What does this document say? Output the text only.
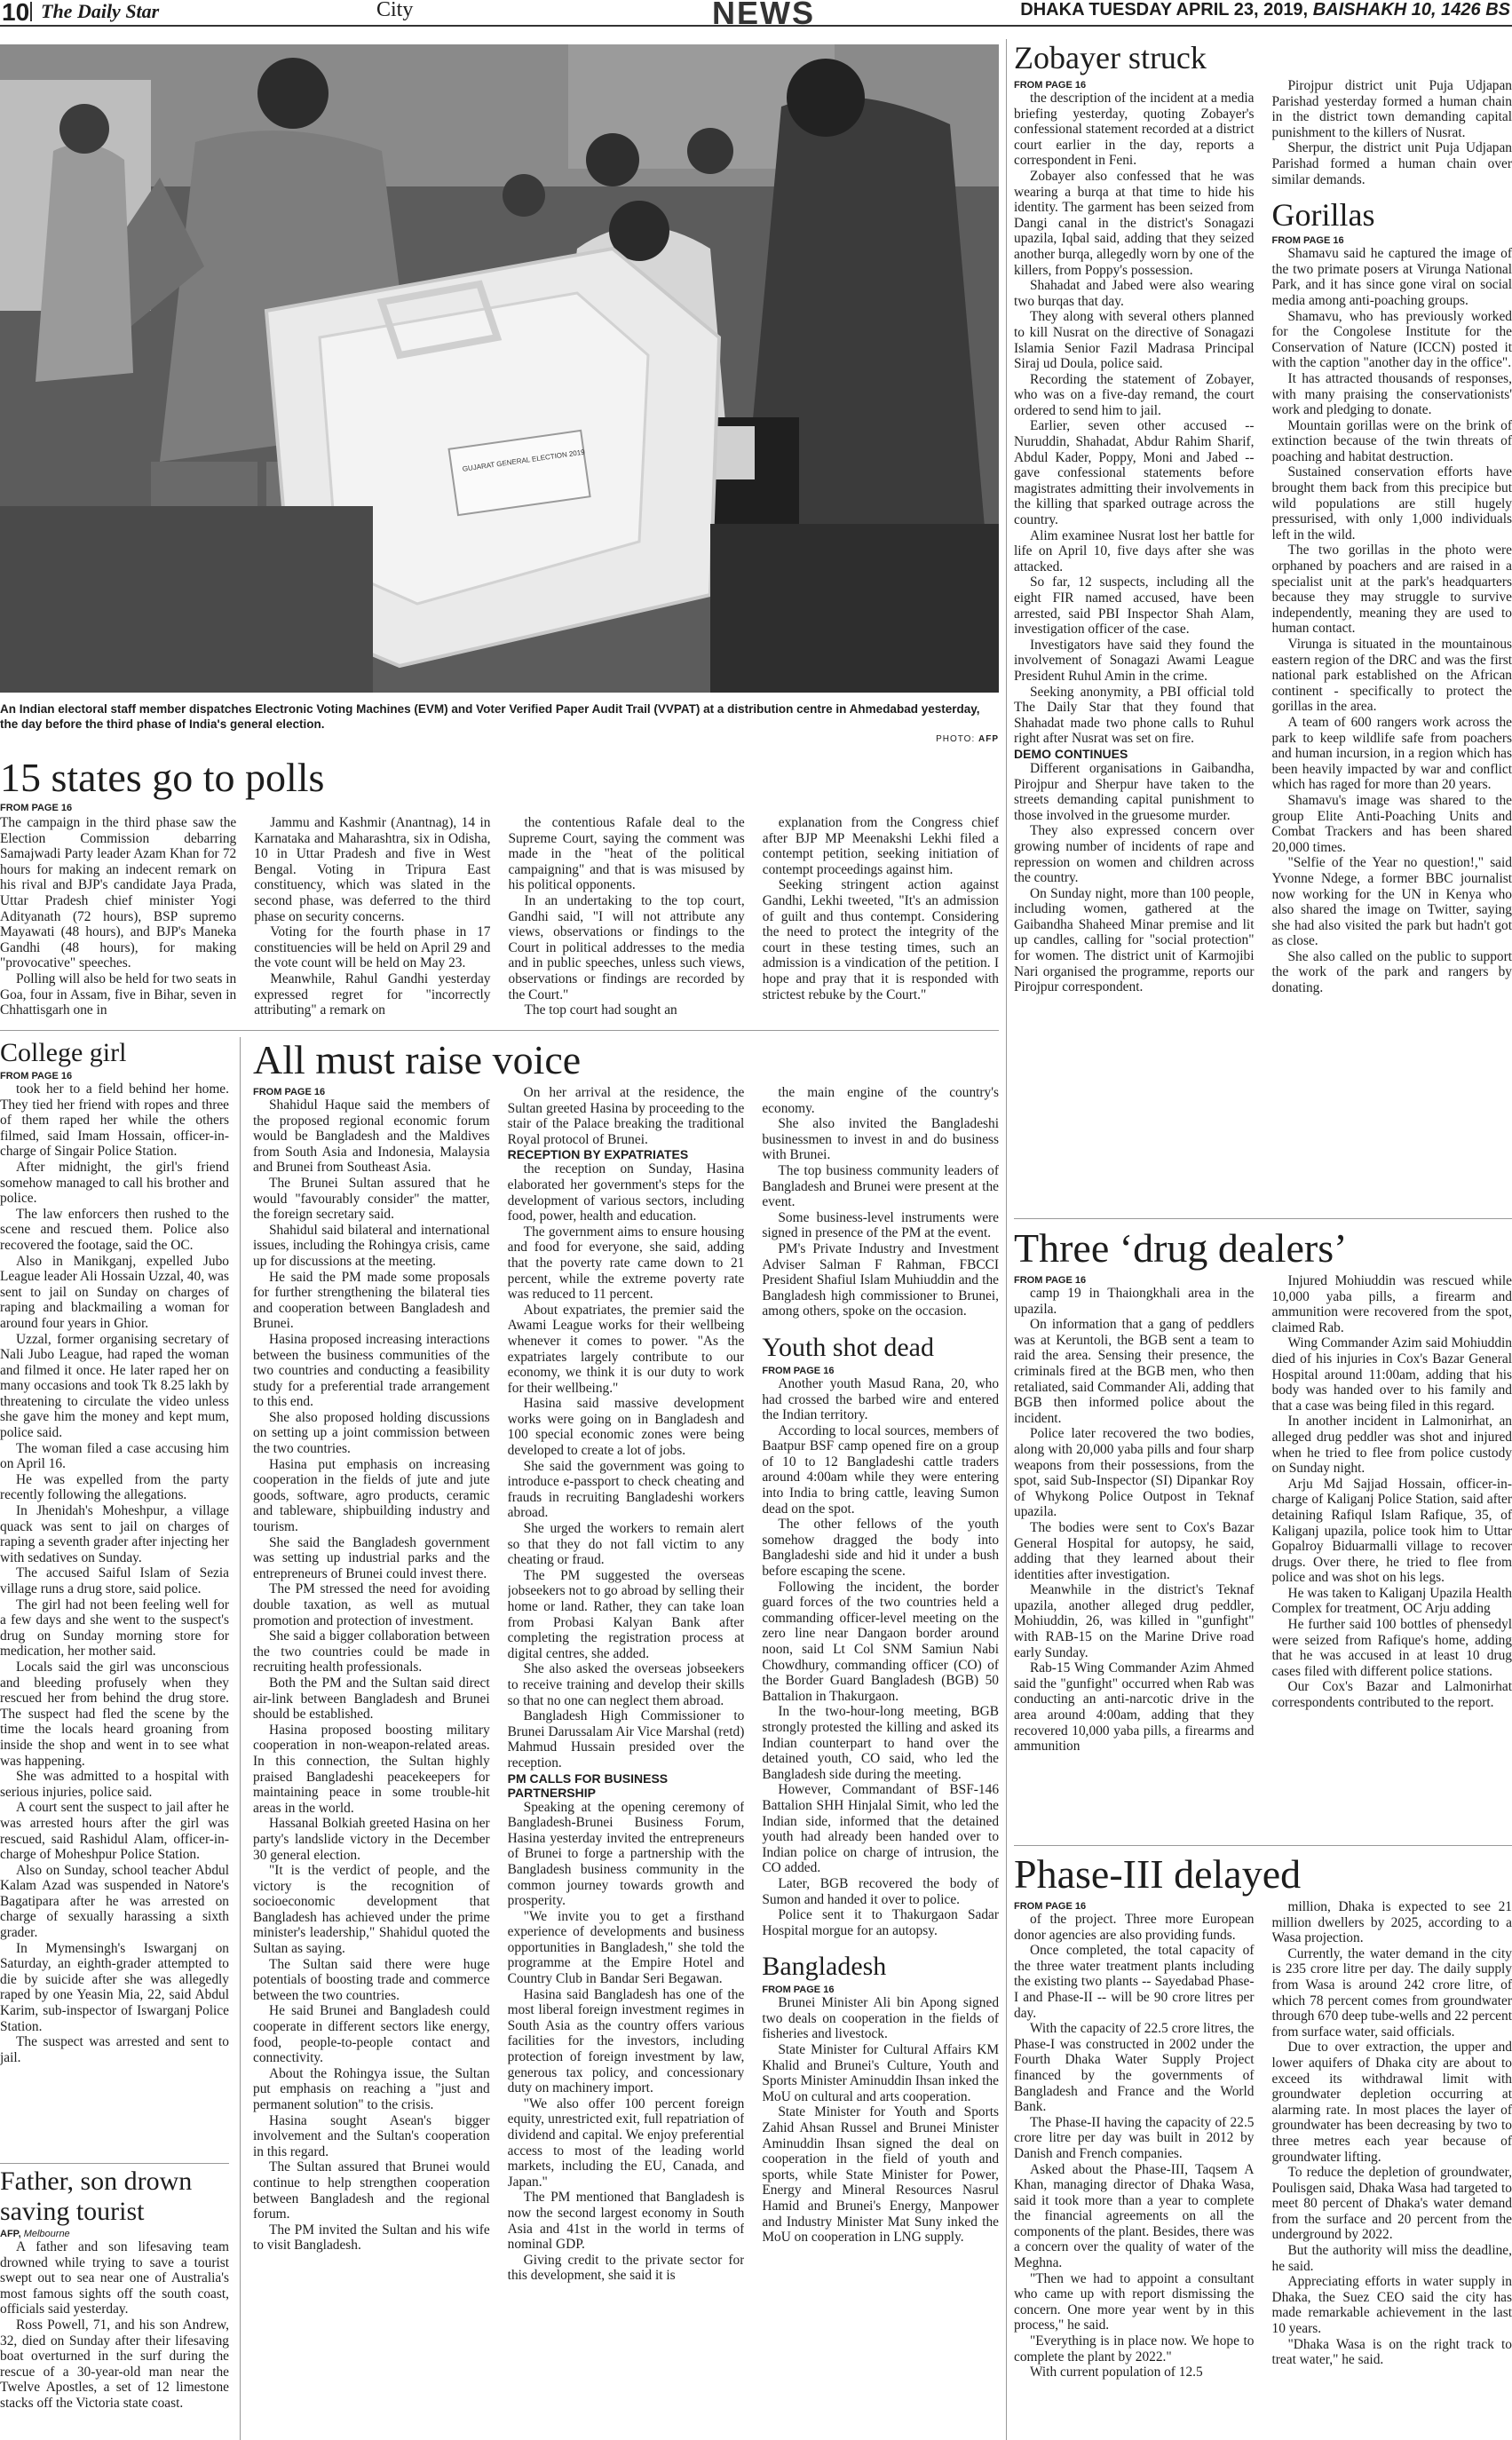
10 The Daily Star	City	NEWS	DHAKA TUESDAY APRIL 23, 2019, BAISHAKH 10, 1426 BS
GUJARAT GENERAL ELECTION 2019
An Indian electoral staff member dispatches Electronic Voting Machines (EVM) and Voter Verified Paper Audit Trail (VVPAT) at a distribution centre in Ahmedabad yesterday, the day before the third phase of India's general election.
PHOTO: AFP
15 states go to polls
FROM PAGE 16

The campaign in the third phase saw the Election Commission debarring Samajwadi Party leader Azam Khan for 72 hours for making an indecent remark on his rival and BJP's candidate Jaya Prada, Uttar Pradesh chief minister Yogi Adityanath (72 hours), BSP supremo Mayawati (48 hours), and BJP's Maneka Gandhi (48 hours), for making "provocative" speeches.

Polling will also be held for two seats in Goa, four in Assam, five in Bihar, seven in Chhattisgarh one in

Jammu and Kashmir (Anantnag), 14 in Karnataka and Maharashtra, six in Odisha, 10 in Uttar Pradesh and five in West Bengal. Voting in Tripura East constituency, which was slated in the second phase, was deferred to the third phase on security concerns.

Voting for the fourth phase in 17 constituencies will be held on April 29 and the vote count will be held on May 23.

Meanwhile, Rahul Gandhi yesterday expressed regret for "incorrectly attributing" a remark on

the contentious Rafale deal to the Supreme Court, saying the comment was made in the "heat of the political campaigning" and that is was misused by his political opponents.

In an undertaking to the top court, Gandhi said, "I will not attribute any views, observations or findings to the Court in political addresses to the media and in public speeches, unless such views, observations or findings are recorded by the Court."

The top court had sought an

explanation from the Congress chief after BJP MP Meenakshi Lekhi filed a contempt petition, seeking initiation of contempt proceedings against him.

Seeking stringent action against Gandhi, Lekhi tweeted, "It's an admission of guilt and thus contempt. Considering the need to protect the integrity of the court in these testing times, such an admission is a vindication of the petition. I hope and pray that it is responded with strictest rebuke by the Court."

Zobayer struck
FROM PAGE 16

the description of the incident at a media briefing yesterday, quoting Zobayer's confessional statement recorded at a district court earlier in the day, reports a correspondent in Feni.

Zobayer also confessed that he was wearing a burqa at that time to hide his identity. The garment has been seized from Dangi canal in the district's Sonagazi upazila, Iqbal said, adding that they seized another burqa, allegedly worn by one of the killers, from Poppy's possession.

Shahadat and Jabed were also wearing two burqas that day.

They along with several others planned to kill Nusrat on the directive of Sonagazi Islamia Senior Fazil Madrasa Principal Siraj ud Doula, police said.

Recording the statement of Zobayer, who was on a five-day remand, the court ordered to send him to jail.

Earlier, seven other accused -- Nuruddin, Shahadat, Abdur Rahim Sharif, Abdul Kader, Poppy, Moni and Jabed -- gave confessional statements before magistrates admitting their involvements in the killing that sparked outrage across the country.

Alim examinee Nusrat lost her battle for life on April 10, five days after she was attacked.

So far, 12 suspects, including all the eight FIR named accused, have been arrested, said PBI Inspector Shah Alam, investigation officer of the case.

Investigators have said they found the involvement of Sonagazi Awami League President Ruhul Amin in the crime.

Seeking anonymity, a PBI official told The Daily Star that they found that Shahadat made two phone calls to Ruhul right after Nusrat was set on fire.

DEMO CONTINUES

Different organisations in Gaibandha, Pirojpur and Sherpur have taken to the streets demanding capital punishment to those involved in the gruesome murder.

They also expressed concern over growing number of incidents of rape and repression on women and children across the country.

On Sunday night, more than 100 people, including women, gathered at the Gaibandha Shaheed Minar premise and lit up candles, calling for "social protection" for women. The district unit of Karmojibi Nari organised the programme, reports our Pirojpur correspondent.

Pirojpur district unit Puja Udjapan Parishad yesterday formed a human chain in the district town demanding capital punishment to the killers of Nusrat.

Sherpur, the district unit Puja Udjapan Parishad formed a human chain over similar demands.

Gorillas
FROM PAGE 16

Shamavu said he captured the image of the two primate posers at Virunga National Park, and it has since gone viral on social media among anti-poaching groups.

Shamavu, who has previously worked for the Congolese Institute for the Conservation of Nature (ICCN) posted it with the caption "another day in the office".

It has attracted thousands of responses, with many praising the conservationists' work and pledging to donate.

Mountain gorillas were on the brink of extinction because of the twin threats of poaching and habitat destruction.

Sustained conservation efforts have brought them back from this precipice but wild populations are still hugely pressurised, with only 1,000 individuals left in the wild.

The two gorillas in the photo were orphaned by poachers and are raised in a specialist unit at the park's headquarters because they may struggle to survive independently, meaning they are used to human contact.

Virunga is situated in the mountainous eastern region of the DRC and was the first national park established on the African continent - specifically to protect the gorillas in the area.

A team of 600 rangers work across the park to keep wildlife safe from poachers and human incursion, in a region which has been heavily impacted by war and conflict which has raged for more than 20 years.

Shamavu's image was shared to the group Elite Anti-Poaching Units and Combat Trackers and has been shared 20,000 times.

"Selfie of the Year no question!," said Yvonne Ndege, a former BBC journalist now working for the UN in Kenya who also shared the image on Twitter, saying she had also visited the park but hadn't got as close.

She also called on the public to support the work of the park and rangers by donating.

College girl
FROM PAGE 16

took her to a field behind her home. They tied her friend with ropes and three of them raped her while the others filmed, said Imam Hossain, officer-in-charge of Singair Police Station.

After midnight, the girl's friend somehow managed to call his brother and police.

The law enforcers then rushed to the scene and rescued them. Police also recovered the footage, said the OC.

Also in Manikganj, expelled Jubo League leader Ali Hossain Uzzal, 40, was sent to jail on Sunday on charges of raping and blackmailing a woman for around four years in Ghior.

Uzzal, former organising secretary of Nali Jubo League, had raped the woman and filmed it once. He later raped her on many occasions and took Tk 8.25 lakh by threatening to circulate the video unless she gave him the money and kept mum, police said.

The woman filed a case accusing him on April 16.

He was expelled from the party recently following the allegations.

In Jhenidah's Moheshpur, a village quack was sent to jail on charges of raping a seventh grader after injecting her with sedatives on Sunday.

The accused Saiful Islam of Sezia village runs a drug store, said police.

The girl had not been feeling well for a few days and she went to the suspect's drug on Sunday morning store for medication, her mother said.

Locals said the girl was unconscious and bleeding profusely when they rescued her from behind the drug store. The suspect had fled the scene by the time the locals heard groaning from inside the shop and went in to see what was happening.

She was admitted to a hospital with serious injuries, police said.

A court sent the suspect to jail after he was arrested hours after the girl was rescued, said Rashidul Alam, officer-in-charge of Moheshpur Police Station.

Also on Sunday, school teacher Abdul Kalam Azad was suspended in Natore's Bagatipara after he was arrested on charge of sexually harassing a sixth grader.

In Mymensingh's Iswarganj on Saturday, an eighth-grader attempted to die by suicide after she was allegedly raped by one Yeasin Mia, 22, said Abdul Karim, sub-inspector of Iswarganj Police Station.

The suspect was arrested and sent to jail.

Father, son drown saving tourist
AFP, Melbourne

A father and son lifesaving team drowned while trying to save a tourist swept out to sea near one of Australia's most famous sights off the south coast, officials said yesterday.

Ross Powell, 71, and his son Andrew, 32, died on Sunday after their lifesaving boat overturned in the surf during the rescue of a 30-year-old man near the Twelve Apostles, a set of 12 limestone stacks off the Victoria state coast.

All must raise voice
FROM PAGE 16

Shahidul Haque said the members of the proposed regional economic forum would be Bangladesh and the Maldives from South Asia and Indonesia, Malaysia and Brunei from Southeast Asia.

The Brunei Sultan assured that he would "favourably consider" the matter, the foreign secretary said.

Shahidul said bilateral and international issues, including the Rohingya crisis, came up for discussions at the meeting.

He said the PM made some proposals for further strengthening the bilateral ties and cooperation between Bangladesh and Brunei.

Hasina proposed increasing interactions between the business communities of the two countries and conducting a feasibility study for a preferential trade arrangement to this end.

She also proposed holding discussions on setting up a joint commission between the two countries.

Hasina put emphasis on increasing cooperation in the fields of jute and jute goods, software, agro products, ceramic and tableware, shipbuilding industry and tourism.

She said the Bangladesh government was setting up industrial parks and the entrepreneurs of Brunei could invest there.

The PM stressed the need for avoiding double taxation, as well as mutual promotion and protection of investment.

She said a bigger collaboration between the two countries could be made in recruiting health professionals.

Both the PM and the Sultan said direct air-link between Bangladesh and Brunei should be established.

Hasina proposed boosting military cooperation in non-weapon-related areas. In this connection, the Sultan highly praised Bangladeshi peacekeepers for maintaining peace in some trouble-hit areas in the world.

Hassanal Bolkiah greeted Hasina on her party's landslide victory in the December 30 general election.

"It is the verdict of people, and the victory is the recognition of socioeconomic development that Bangladesh has achieved under the prime minister's leadership," Shahidul quoted the Sultan as saying.

The Sultan said there were huge potentials of boosting trade and commerce between the two countries.

He said Brunei and Bangladesh could cooperate in different sectors like energy, food, people-to-people contact and connectivity.

About the Rohingya issue, the Sultan put emphasis on reaching a "just and permanent solution" to the crisis.

Hasina sought Asean's bigger involvement and the Sultan's cooperation in this regard.

The Sultan assured that Brunei would continue to help strengthen cooperation between Bangladesh and the regional forum.

The PM invited the Sultan and his wife to visit Bangladesh.

On her arrival at the residence, the Sultan greeted Hasina by proceeding to the stair of the Palace breaking the traditional Royal protocol of Brunei.

RECEPTION BY EXPATRIATES

the reception on Sunday, Hasina elaborated her government's steps for the development of various sectors, including food, power, health and education.

The government aims to ensure housing and food for everyone, she said, adding that the poverty rate came down to 21 percent, while the extreme poverty rate was reduced to 11 percent.

About expatriates, the premier said the Awami League works for their wellbeing whenever it comes to power. "As the expatriates largely contribute to our economy, we think it is our duty to work for their wellbeing."

Hasina said massive development works were going on in Bangladesh and 100 special economic zones were being developed to create a lot of jobs.

She said the government was going to introduce e-passport to check cheating and frauds in recruiting Bangladeshi workers abroad.

She urged the workers to remain alert so that they do not fall victim to any cheating or fraud.

The PM suggested the overseas jobseekers not to go abroad by selling their home or land. Rather, they can take loan from Probasi Kalyan Bank after completing the registration process at digital centres, she added.

She also asked the overseas jobseekers to receive training and develop their skills so that no one can neglect them abroad.

Bangladesh High Commissioner to Brunei Darussalam Air Vice Marshal (retd) Mahmud Hussain presided over the reception.

PM CALLS FOR BUSINESS PARTNERSHIP

Speaking at the opening ceremony of Bangladesh-Brunei Business Forum, Hasina yesterday invited the entrepreneurs of Brunei to forge a partnership with the Bangladesh business community in the common journey towards growth and prosperity.

"We invite you to get a firsthand experience of developments and business opportunities in Bangladesh," she told the programme at the Empire Hotel and Country Club in Bandar Seri Begawan.

Hasina said Bangladesh has one of the most liberal foreign investment regimes in South Asia as the country offers various facilities for the investors, including protection of foreign investment by law, generous tax policy, and concessionary duty on machinery import.

"We also offer 100 percent foreign equity, unrestricted exit, full repatriation of dividend and capital. We enjoy preferential access to most of the leading world markets, including the EU, Canada, and Japan."

The PM mentioned that Bangladesh is now the second largest economy in South Asia and 41st in the world in terms of nominal GDP.

Giving credit to the private sector for this development, she said it is

the main engine of the country's economy.

She also invited the Bangladeshi businessmen to invest in and do business with Brunei.

The top business community leaders of Bangladesh and Brunei were present at the event.

Some business-level instruments were signed in presence of the PM at the event.

PM's Private Industry and Investment Adviser Salman F Rahman, FBCCI President Shafiul Islam Muhiuddin and the Bangladesh high commissioner to Brunei, among others, spoke on the occasion.

Youth shot dead
FROM PAGE 16

Another youth Masud Rana, 20, who had crossed the barbed wire and entered the Indian territory.

According to local sources, members of Baatpur BSF camp opened fire on a group of 10 to 12 Bangladeshi cattle traders around 4:00am while they were entering into India to bring cattle, leaving Sumon dead on the spot.

The other fellows of the youth somehow dragged the body into Bangladeshi side and hid it under a bush before escaping the scene.

Following the incident, the border guard forces of the two countries held a commanding officer-level meeting on the zero line near Dangaon border around noon, said Lt Col SNM Samiun Nabi Chowdhury, commanding officer (CO) of the Border Guard Bangladesh (BGB) 50 Battalion in Thakurgaon.

In the two-hour-long meeting, BGB strongly protested the killing and asked its Indian counterpart to hand over the detained youth, CO said, who led the Bangladesh side during the meeting.

However, Commandant of BSF-146 Battalion SHH Hinjalal Simit, who led the Indian side, informed that the detained youth had already been handed over to Indian police on charge of intrusion, the CO added.

Later, BGB recovered the body of Sumon and handed it over to police.

Police sent it to Thakurgaon Sadar Hospital morgue for an autopsy.

Bangladesh
FROM PAGE 16

Brunei Minister Ali bin Apong signed two deals on cooperation in the fields of fisheries and livestock.

State Minister for Cultural Affairs KM Khalid and Brunei's Culture, Youth and Sports Minister Aminuddin Ihsan inked the MoU on cultural and arts cooperation.

State Minister for Youth and Sports Zahid Ahsan Russel and Brunei Minister Aminuddin Ihsan signed the deal on cooperation in the field of youth and sports, while State Minister for Power, Energy and Mineral Resources Nasrul Hamid and Brunei's Energy, Manpower and Industry Minister Mat Suny inked the MoU on cooperation in LNG supply.

Three ‘drug dealers’
FROM PAGE 16

camp 19 in Thaiongkhali area in the upazila.

On information that a gang of peddlers was at Keruntoli, the BGB sent a team to raid the area. Sensing their presence, the criminals fired at the BGB men, who then retaliated, said Commander Ali, adding that BGB then informed police about the incident.

Police later recovered the two bodies, along with 20,000 yaba pills and four sharp weapons from their possessions, from the spot, said Sub-Inspector (SI) Dipankar Roy of Whykong Police Outpost in Teknaf upazila.

The bodies were sent to Cox's Bazar General Hospital for autopsy, he said, adding that they learned about their identities after investigation.

Meanwhile in the district's Teknaf upazila, another alleged drug peddler, Mohiuddin, 26, was killed in "gunfight" with RAB-15 on the Marine Drive road early Sunday.

Rab-15 Wing Commander Azim Ahmed said the "gunfight" occurred when Rab was conducting an anti-narcotic drive in the area around 4:00am, adding that they recovered 10,000 yaba pills, a firearms and ammunition

Injured Mohiuddin was rescued while 10,000 yaba pills, a firearm and ammunition were recovered from the spot, claimed Rab.

Wing Commander Azim said Mohiuddin died of his injuries in Cox's Bazar General Hospital around 11:00am, adding that his body was handed over to his family and that a case was being filed in this regard.

In another incident in Lalmonirhat, an alleged drug peddler was shot and injured when he tried to flee from police custody on Sunday night.

Arju Md Sajjad Hossain, officer-in-charge of Kaliganj Police Station, said after detaining Rafiqul Islam Rafique, 35, of Kaliganj upazila, police took him to Uttar Gopalroy Biduarmalli village to recover drugs. Over there, he tried to flee from police and was shot on his legs.

He was taken to Kaliganj Upazila Health Complex for treatment, OC Arju adding

He further said 100 bottles of phensedyl were seized from Rafique's home, adding that he was accused in at least 10 drug cases filed with different police stations.

Our Cox's Bazar and Lalmonirhat correspondents contributed to the report.

Phase-III delayed
FROM PAGE 16

of the project. Three more European donor agencies are also providing funds.

Once completed, the total capacity of the three water treatment plants including the existing two plants -- Sayedabad Phase-I and Phase-II -- will be 90 crore litres per day.

With the capacity of 22.5 crore litres, the Phase-I was constructed in 2002 under the Fourth Dhaka Water Supply Project financed by the governments of Bangladesh and France and the World Bank.

The Phase-II having the capacity of 22.5 crore litre per day was built in 2012 by Danish and French companies.

Asked about the Phase-III, Taqsem A Khan, managing director of Dhaka Wasa, said it took more than a year to complete the financial agreements on all the components of the plant. Besides, there was a concern over the quality of water of the Meghna.

"Then we had to appoint a consultant who came up with report dismissing the concern. One more year went by in this process," he said.

"Everything is in place now. We hope to complete the plant by 2022."

With current population of 12.5

million, Dhaka is expected to see 21 million dwellers by 2025, according to a Wasa projection.

Currently, the water demand in the city is 235 crore litre per day. The daily supply from Wasa is around 242 crore litre, of which 78 percent comes from groundwater through 670 deep tube-wells and 22 percent from surface water, said officials.

Due to over extraction, the upper and lower aquifers of Dhaka city are about to exceed its withdrawal limit with groundwater depletion occurring at alarming rate. In most places the layer of groundwater has been decreasing by two to three metres each year because of groundwater lifting.

To reduce the depletion of groundwater, Poulisgen said, Dhaka Wasa had targeted to meet 80 percent of Dhaka's water demand from the surface and 20 percent from the underground by 2022.

But the authority will miss the deadline, he said.

Appreciating efforts in water supply in Dhaka, the Suez CEO said the city has made remarkable achievement in the last 10 years.

"Dhaka Wasa is on the right track to treat water," he said.
